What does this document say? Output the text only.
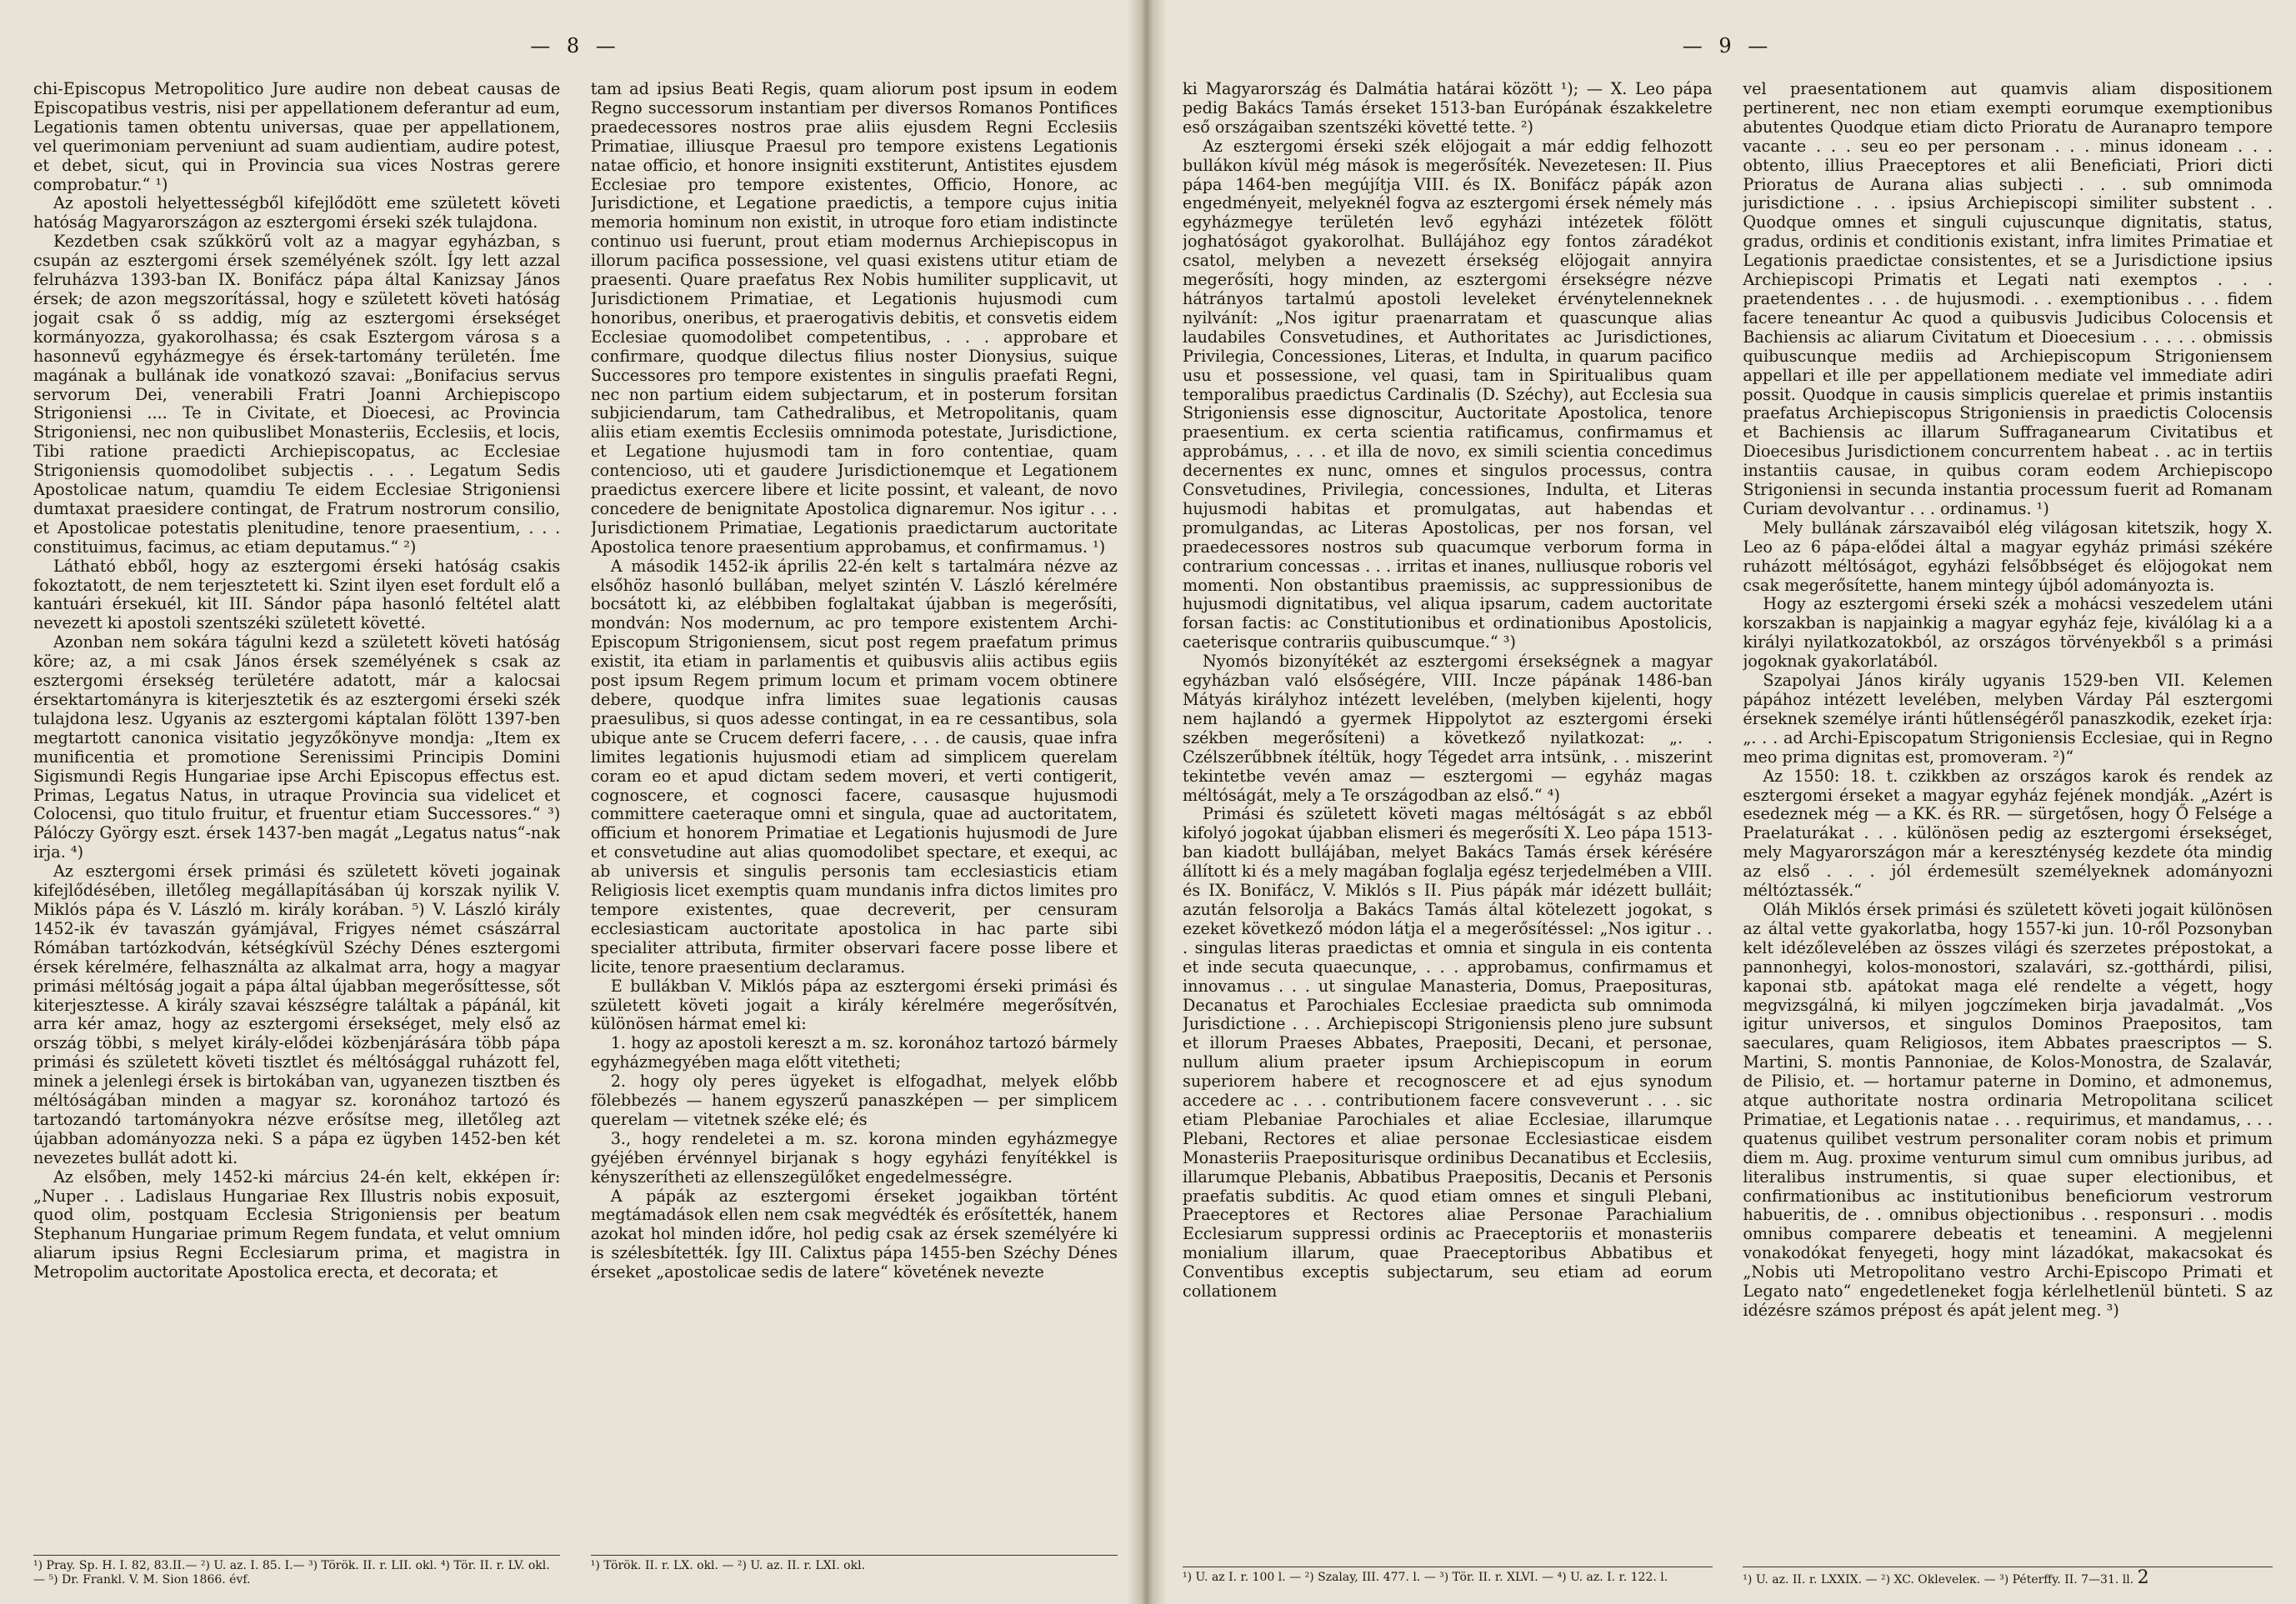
— 8 —

chi-Episcopus Metropolitico Jure audire non debeat causas de Episcopatibus vestris, nisi per appellationem deferantur ad eum, Legationis tamen obtentu universas, quae per appellationem, vel querimoniam perveniunt ad suam audientiam, audire potest, et debet, sicut, qui in Provincia sua vices Nostras gerere comprobatur.“ ¹)

Az apostoli helyettességből kifejlődött eme született követi hatóság Magyarországon az esztergomi érseki szék tulajdona.

Kezdetben csak szűkkörű volt az a magyar egyházban, s csupán az esztergomi érsek személyének szólt. Így lett azzal felruházva 1393-ban IX. Bonifácz pápa által Kanizsay János érsek; de azon megszorítással, hogy e született követi hatóság jogait csak ő ss addig, míg az esztergomi érsekséget kormányozza, gyakorolhassa; és csak Esztergom városa s a hasonnevű egyházmegye és érsek-tartomány területén. Íme magának a bullának ide vonatkozó szavai: „Bonifacius servus servorum Dei, venerabili Fratri Joanni Archiepiscopo Strigoniensi .... Te in Civitate, et Dioecesi, ac Provincia Strigoniensi, nec non quibuslibet Monasteriis, Ecclesiis, et locis, Tibi ratione praedicti Archiepiscopatus, ac Ecclesiae Strigoniensis quomodolibet subjectis . . . Legatum Sedis Apostolicae natum, quamdiu Te eidem Ecclesiae Strigoniensi dumtaxat praesidere contingat, de Fratrum nostrorum consilio, et Apostolicae potestatis plenitudine, tenore praesentium, . . . constituimus, facimus, ac etiam deputamus.“ ²)

Látható ebből, hogy az esztergomi érseki hatóság csakis fokoztatott, de nem terjesztetett ki. Szint ilyen eset fordult elő a kantuári érsekuél, kit III. Sándor pápa hasonló feltétel alatt nevezett ki apostoli szentszéki született követté.

Azonban nem sokára tágulni kezd a született követi hatóság köre; az, a mi csak János érsek személyének s csak az esztergomi érsekség területére adatott, már a kalocsai érsektartományra is kiterjesztetik és az esztergomi érseki szék tulajdona lesz. Ugyanis az esztergomi káptalan fölött 1397-ben megtartott canonica visitatio jegyzőkönyve mondja: „Item ex munificentia et promotione Serenissimi Principis Domini Sigismundi Regis Hungariae ipse Archi Episcopus effectus est. Primas, Legatus Natus, in utraque Provincia sua videlicet et Colocensi, quo titulo fruitur, et fruentur etiam Successores.“ ³) Pálóczy György eszt. érsek 1437-ben magát „Legatus natus“-nak irja. ⁴)

Az esztergomi érsek primási és született követi jogainak kifejlődésében, illetőleg megállapításában új korszak nyilik V. Miklós pápa és V. László m. király korában. ⁵) V. László király 1452-ik év tavaszán gyámjával, Frigyes német császárral Rómában tartózkodván, kétségkívül Széchy Dénes esztergomi érsek kérelmére, felhasználta az alkalmat arra, hogy a magyar primási méltóság jogait a pápa által újabban megerősíttesse, sőt kiterjesztesse. A király szavai készségre találtak a pápánál, kit arra kér amaz, hogy az esztergomi érsekséget, mely első az ország többi, s melyet király-elődei közbenjárására több pápa primási és született követi tisztlet és méltósággal ruházott fel, minek a jelenlegi érsek is birtokában van, ugyanezen tisztben és méltóságában minden a magyar sz. koronához tartozó és tartozandó tartományokra nézve erősítse meg, illetőleg azt újabban adományozza neki. S a pápa ez ügyben 1452-ben két nevezetes bullát adott ki.

Az elsőben, mely 1452-ki március 24-én kelt, ekképen ír: „Nuper . . Ladislaus Hungariae Rex Illustris nobis exposuit, quod olim, postquam Ecclesia Strigoniensis per beatum Stephanum Hungariae primum Regem fundata, et velut omnium aliarum ipsius Regni Ecclesiarum prima, et magistra in Metropolim auctoritate Apostolica erecta, et decorata; et

tam ad ipsius Beati Regis, quam aliorum post ipsum in eodem Regno successorum instantiam per diversos Romanos Pontifices praedecessores nostros prae aliis ejusdem Regni Ecclesiis Primatiae, illiusque Praesul pro tempore existens Legationis natae officio, et honore insigniti exstiterunt, Antistites ejusdem Ecclesiae pro tempore existentes, Officio, Honore, ac Jurisdictione, et Legatione praedictis, a tempore cujus initia memoria hominum non existit, in utroque foro etiam indistincte continuo usi fuerunt, prout etiam modernus Archiepiscopus in illorum pacifica possessione, vel quasi existens utitur etiam de praesenti. Quare praefatus Rex Nobis humiliter supplicavit, ut Jurisdictionem Primatiae, et Legationis hujusmodi cum honoribus, oneribus, et praerogativis debitis, et consvetis eidem Ecclesiae quomodolibet competentibus, . . . approbare et confirmare, quodque dilectus filius noster Dionysius, suique Successores pro tempore existentes in singulis praefati Regni, nec non partium eidem subjectarum, et in posterum forsitan subjiciendarum, tam Cathedralibus, et Metropolitanis, quam aliis etiam exemtis Ecclesiis omnimoda potestate, Jurisdictione, et Legatione hujusmodi tam in foro contentiae, quam contencioso, uti et gaudere Jurisdictionemque et Legationem praedictus exercere libere et licite possint, et valeant, de novo concedere de benignitate Apostolica dignaremur. Nos igitur . . . Jurisdictionem Primatiae, Legationis praedictarum auctoritate Apostolica tenore praesentium approbamus, et confirmamus. ¹)

A második 1452-ik április 22-én kelt s tartalmára nézve az elsőhöz hasonló bullában, melyet szintén V. László kérelmére bocsátott ki, az elébbiben foglaltakat újabban is megerősíti, mondván: Nos modernum, ac pro tempore existentem Archi-Episcopum Strigoniensem, sicut post regem praefatum primus existit, ita etiam in parlamentis et quibusvis aliis actibus egiis post ipsum Regem primum locum et primam vocem obtinere debere, quodque infra limites suae legationis causas praesulibus, si quos adesse contingat, in ea re cessantibus, sola ubique ante se Crucem deferri facere, . . . de causis, quae infra limites legationis hujusmodi etiam ad simplicem querelam coram eo et apud dictam sedem moveri, et verti contigerit, cognoscere, et cognosci facere, causasque hujusmodi committere caeteraque omni et singula, quae ad auctoritatem, officium et honorem Primatiae et Legationis hujusmodi de Jure et consvetudine aut alias quomodolibet spectare, et exequi, ac ab universis et singulis personis tam ecclesiasticis etiam Religiosis licet exemptis quam mundanis infra dictos limites pro tempore existentes, quae decreverit, per censuram ecclesiasticam auctoritate apostolica in hac parte sibi specialiter attributa, firmiter observari facere posse libere et licite, tenore praesentium declaramus.

E bullákban V. Miklós pápa az esztergomi érseki primási és született követi jogait a király kérelmére megerősítvén, különösen hármat emel ki:

1. hogy az apostoli kereszt a m. sz. koronához tartozó bármely egyházmegyében maga előtt vitetheti;

2. hogy oly peres ügyeket is elfogadhat, melyek előbb fölebbezés — hanem egyszerű panaszképen — per simplicem querelam — vitetnek széke elé; és

3., hogy rendeletei a m. sz. korona minden egyházmegye gyéjében érvénnyel birjanak s hogy egyházi fenyítékkel is kényszerítheti az ellenszegülőket engedelmességre.

A pápák az esztergomi érseket jogaikban történt megtámadások ellen nem csak megvédték és erősítették, hanem azokat hol minden időre, hol pedig csak az érsek személyére ki is szélesbítették. Így III. Calixtus pápa 1455-ben Széchy Dénes érseket „apostolicae sedis de latere“ követének nevezte

¹) Pray. Sp. H. I. 82, 83.II.— ²) U. az. I. 85. I.— ³) Török. II. r. LII. okl. ⁴) Tör. II. r. LV. okl. — ⁵) Dr. Frankl. V. M. Sion 1866. évf.
¹) Török. II. r. LX. okl. — ²) U. az. II. r. LXI. okl.
— 9 —

ki Magyarország és Dalmátia határai között ¹); — X. Leo pápa pedig Bakács Tamás érseket 1513-ban Európának északkeletre eső országaiban szentszéki követté tette. ²)

Az esztergomi érseki szék elöjogait a már eddig felhozott bullákon kívül még mások is megerősíték. Nevezetesen: II. Pius pápa 1464-ben megújítja VIII. és IX. Bonifácz pápák azon engedményeit, melyeknél fogva az esztergomi érsek némely más egyházmegye területén levő egyházi intézetek fölött joghatóságot gyakorolhat. Bullájához egy fontos záradékot csatol, melyben a nevezett érsekség elöjogait annyira megerősíti, hogy minden, az esztergomi érsekségre nézve hátrányos tartalmú apostoli leveleket érvénytelenneknek nyilvánít: „Nos igitur praenarratam et quascunque alias laudabiles Consvetudines, et Authoritates ac Jurisdictiones, Privilegia, Concessiones, Literas, et Indulta, in quarum pacifico usu et possessione, vel quasi, tam in Spiritualibus quam temporalibus praedictus Cardinalis (D. Széchy), aut Ecclesia sua Strigoniensis esse dignoscitur, Auctoritate Apostolica, tenore praesentium. ex certa scientia ratificamus, confirmamus et approbámus, . . . et illa de novo, ex simili scientia concedimus decernentes ex nunc, omnes et singulos processus, contra Consvetudines, Privilegia, concessiones, Indulta, et Literas hujusmodi habitas et promulgatas, aut habendas et promulgandas, ac Literas Apostolicas, per nos forsan, vel praedecessores nostros sub quacumque verborum forma in contrarium concessas . . . irritas et inanes, nulliusque roboris vel momenti. Non obstantibus praemissis, ac suppressionibus de hujusmodi dignitatibus, vel aliqua ipsarum, cadem auctoritate forsan factis: ac Constitutionibus et ordinationibus Apostolicis, caeterisque contrariis quibuscumque.“ ³)

Nyomós bizonyítékét az esztergomi érsekségnek a magyar egyházban való elsőségére, VIII. Incze pápának 1486-ban Mátyás királyhoz intézett levelében, (melyben kijelenti, hogy nem hajlandó a gyermek Hippolytot az esztergomi érseki székben megerősíteni) a következő nyilatkozat: „. . Czélszerűbbnek ítéltük, hogy Tégedet arra intsünk, . . miszerint tekintetbe vevén amaz — esztergomi — egyház magas méltóságát, mely a Te országodban az első.“ ⁴)

Primási és született követi magas méltóságát s az ebből kifolyó jogokat újabban elismeri és megerősíti X. Leo pápa 1513-ban kiadott bullájában, melyet Bakács Tamás érsek kérésére állított ki és a mely magában foglalja egész terjedelmében a VIII. és IX. Bonifácz, V. Miklós s II. Pius pápák már idézett bulláit; azután felsorolja a Bakács Tamás által kötelezett jogokat, s ezeket következő módon látja el a megerősítéssel: „Nos igitur . . . singulas literas praedictas et omnia et singula in eis contenta et inde secuta quaecunque, . . . approbamus, confirmamus et innovamus . . . ut singulae Manasteria, Domus, Praeposituras, Decanatus et Parochiales Ecclesiae praedicta sub omnimoda Jurisdictione . . . Archiepiscopi Strigoniensis pleno jure subsunt et illorum Praeses Abbates, Praepositi, Decani, et personae, nullum alium praeter ipsum Archiepiscopum in eorum superiorem habere et recognoscere et ad ejus synodum accedere ac . . . contributionem facere consveverunt . . . sic etiam Plebaniae Parochiales et aliae Ecclesiae, illarumque Plebani, Rectores et aliae personae Ecclesiasticae eisdem Monasteriis Praepositurisque ordinibus Decanatibus et Ecclesiis, illarumque Plebanis, Abbatibus Praepositis, Decanis et Personis praefatis subditis. Ac quod etiam omnes et singuli Plebani, Praeceptores et Rectores aliae Personae Parachialium Ecclesiarum suppressi ordinis ac Praeceptoriis et monasteriis monialium illarum, quae Praeceptoribus Abbatibus et Conventibus exceptis subjectarum, seu etiam ad eorum collationem

vel praesentationem aut quamvis aliam dispositionem pertinerent, nec non etiam exempti eorumque exemptionibus abutentes Quodque etiam dicto Prioratu de Auranapro tempore vacante . . . seu eo per personam . . . minus idoneam . . . obtento, illius Praeceptores et alii Beneficiati, Priori dicti Prioratus de Aurana alias subjecti . . . sub omnimoda jurisdictione . . . ipsius Archiepiscopi similiter substent . . Quodque omnes et singuli cujuscunque dignitatis, status, gradus, ordinis et conditionis existant, infra limites Primatiae et Legationis praedictae consistentes, et se a Jurisdictione ipsius Archiepiscopi Primatis et Legati nati exemptos . . . praetendentes . . . de hujusmodi. . . exemptionibus . . . fidem facere teneantur Ac quod a quibusvis Judicibus Colocensis et Bachiensis ac aliarum Civitatum et Dioecesium . . . . . obmissis quibuscunque mediis ad Archiepiscopum Strigoniensem appellari et ille per appellationem mediate vel immediate adiri possit. Quodque in causis simplicis querelae et primis instantiis praefatus Archiepiscopus Strigoniensis in praedictis Colocensis et Bachiensis ac illarum Suffraganearum Civitatibus et Dioecesibus Jurisdictionem concurrentem habeat . . ac in tertiis instantiis causae, in quibus coram eodem Archiepiscopo Strigoniensi in secunda instantia processum fuerit ad Romanam Curiam devolvantur . . . ordinamus. ¹)

Mely bullának zárszavaiból elég világosan kitetszik, hogy X. Leo az 6 pápa-elődei által a magyar egyház primási székére ruházott méltóságot, egyházi felsőbbséget és elöjogokat nem csak megerősítette, hanem mintegy újból adományozta is.

Hogy az esztergomi érseki szék a mohácsi veszedelem utáni korszakban is napjainkig a magyar egyház feje, kiválólag ki a a királyi nyilatkozatokból, az országos törvényekből s a primási jogoknak gyakorlatából.

Szapolyai János király ugyanis 1529-ben VII. Kelemen pápához intézett levelében, melyben Várday Pál esztergomi érseknek személye iránti hűtlenségéről panaszkodik, ezeket írja: „. . . ad Archi-Episcopatum Strigoniensis Ecclesiae, qui in Regno meo prima dignitas est, promoveram. ²)“

Az 1550: 18. t. czikkben az országos karok és rendek az esztergomi érseket a magyar egyház fejének mondják. „Azért is esedeznek még — a KK. és RR. — sürgetősen, hogy Ő Felsége a Praelaturákat . . . különösen pedig az esztergomi érsekséget, mely Magyarországon már a kereszténység kezdete óta mindig az első . . . jól érdemesült személyeknek adományozni méltóztassék.“

Oláh Miklós érsek primási és született követi jogait különösen az által vette gyakorlatba, hogy 1557-ki jun. 10-ről Pozsonyban kelt idézőlevelében az összes világi és szerzetes prépostokat, a pannonhegyi, kolos-monostori, szalavári, sz.-gotthárdi, pilisi, kaponai stb. apátokat maga elé rendelte a végett, hogy megvizsgálná, ki milyen jogczímeken birja javadalmát. „Vos igitur universos, et singulos Dominos Praepositos, tam saeculares, quam Religiosos, item Abbates praescriptos — S. Martini, S. montis Pannoniae, de Kolos-Monostra, de Szalavár, de Pilisio, et. — hortamur paterne in Domino, et admonemus, atque authoritate nostra ordinaria Metropolitana scilicet Primatiae, et Legationis natae . . . requirimus, et mandamus, . . . quatenus quilibet vestrum personaliter coram nobis et primum diem m. Aug. proxime venturum simul cum omnibus juribus, ad literalibus instrumentis, si quae super electionibus, et confirmationibus ac institutionibus beneficiorum vestrorum habueritis, de . . omnibus objectionibus . . responsuri . . modis omnibus comparere debeatis et teneamini. A megjelenni vonakodókat fenyegeti, hogy mint lázadókat, makacsokat és „Nobis uti Metropolitano vestro Archi-Episcopo Primati et Legato nato“ engedetleneket fogja kérlelhetlenül bünteti. S az idézésre számos prépost és apát jelent meg. ³)

¹) U. az I. r. 100 l. — ²) Szalay, III. 477. l. — ³) Tör. II. r. XLVI. — ⁴) U. az. I. r. 122. l.	¹) U. az. II. r. LXXIX. — ²) XC. Okleveleк. — ³) Péterffy. II. 7—31. ll. 2
